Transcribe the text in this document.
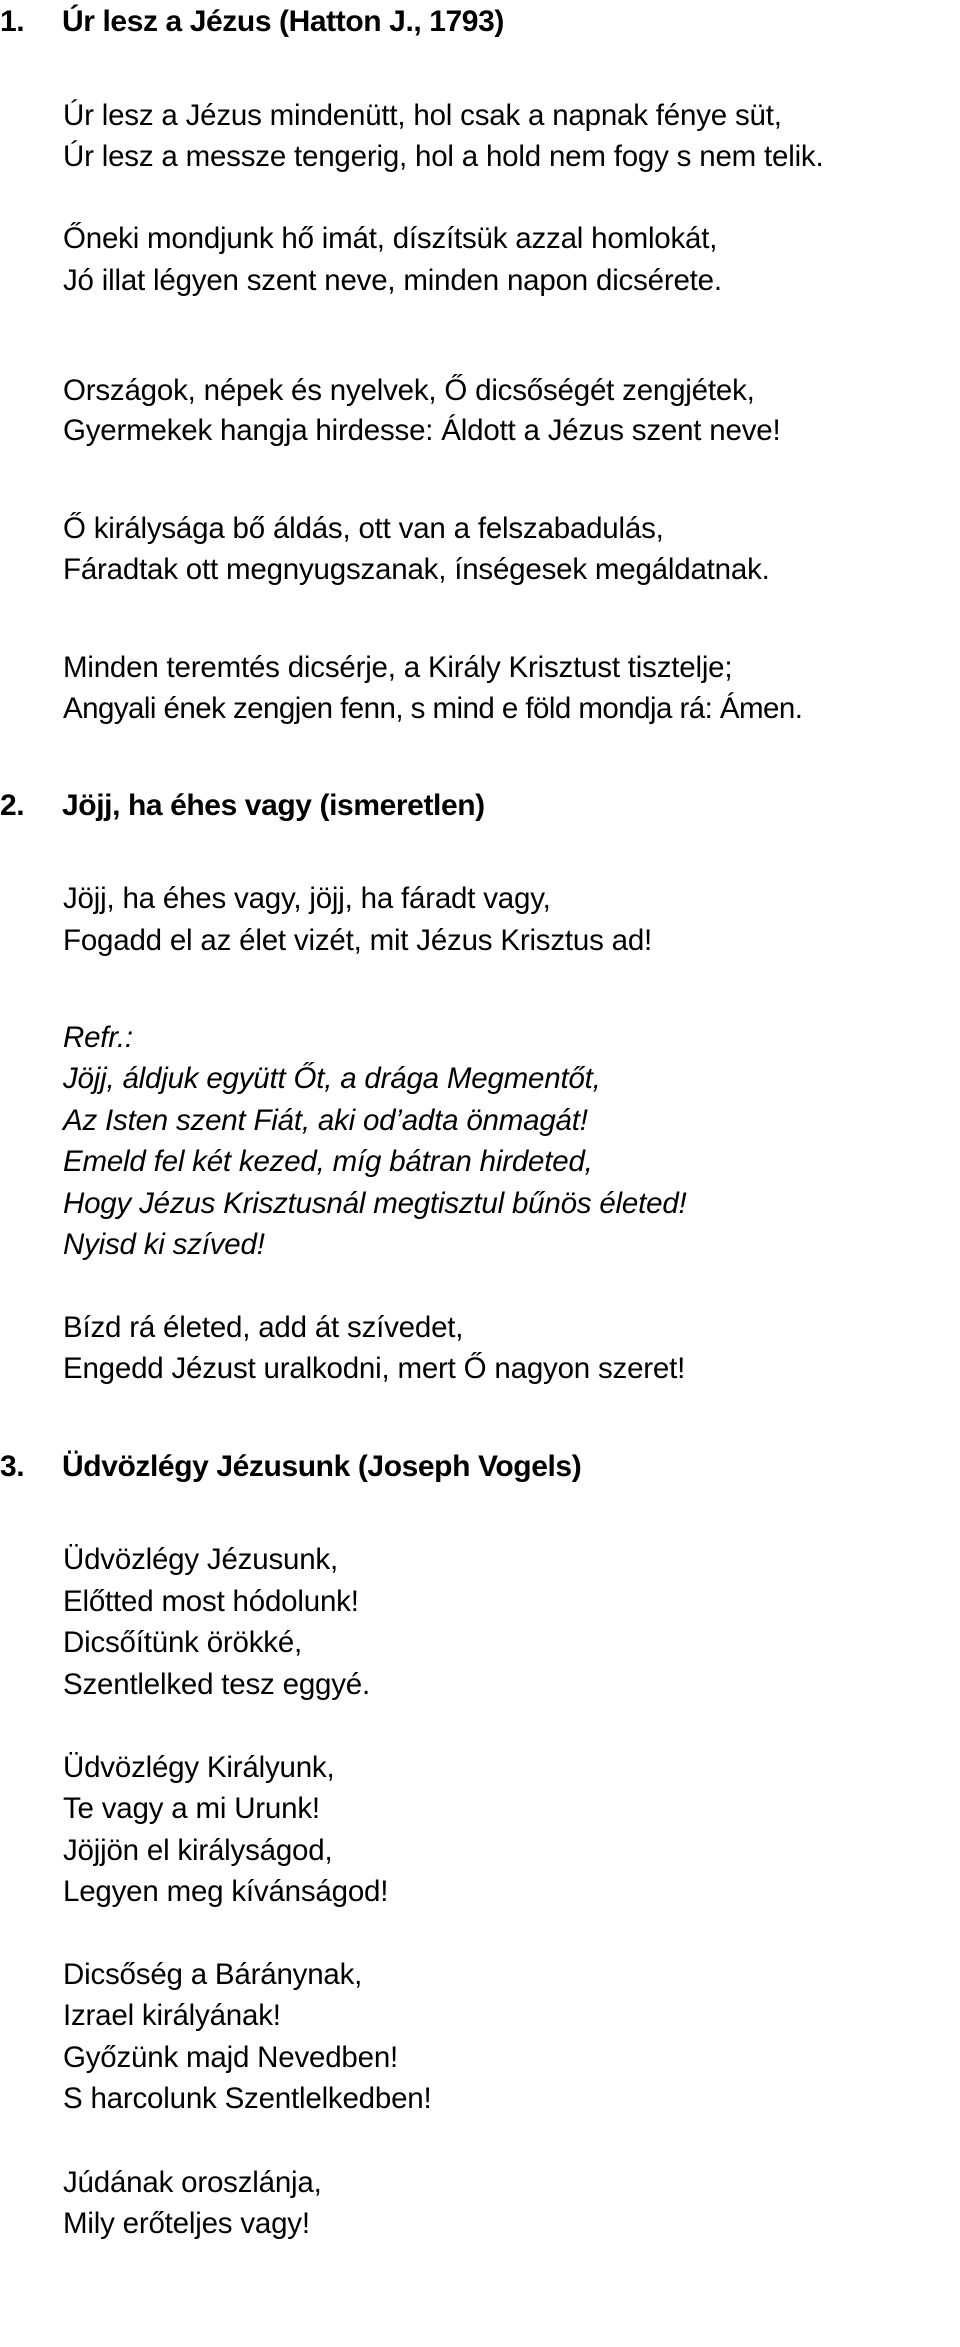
1. Úr lesz a Jézus (Hatton J., 1793)
Úr lesz a Jézus mindenütt, hol csak a napnak fénye süt,
Úr lesz a messze tengerig, hol a hold nem fogy s nem telik.
Őneki mondjunk hő imát, díszítsük azzal homlokát,
Jó illat légyen szent neve, minden napon dicsérete.
Országok, népek és nyelvek, Ő dicsőségét zengjétek,
Gyermekek hangja hirdesse: Áldott a Jézus szent neve!
Ő királysága bő áldás, ott van a felszabadulás,
Fáradtak ott megnyugszanak, ínségesek megáldatnak.
Minden teremtés dicsérje, a Király Krisztust tisztelje;
Angyali ének zengjen fenn, s mind e föld mondja rá: Ámen.
2. Jöjj, ha éhes vagy (ismeretlen)
Jöjj, ha éhes vagy, jöjj, ha fáradt vagy,
Fogadd el az élet vizét, mit Jézus Krisztus ad!
Refr.:
Jöjj, áldjuk együtt Őt, a drága Megmentőt,
Az Isten szent Fiát, aki od’adta önmagát!
Emeld fel két kezed, míg bátran hirdeted,
Hogy Jézus Krisztusnál megtisztul bűnös életed!
Nyisd ki szíved!
Bízd rá életed, add át szívedet,
Engedd Jézust uralkodni, mert Ő nagyon szeret!
3. Üdvözlégy Jézusunk (Joseph Vogels)
Üdvözlégy Jézusunk,
Előtted most hódolunk!
Dicsőítünk örökké,
Szentlelked tesz eggyé.
Üdvözlégy Királyunk,
Te vagy a mi Urunk!
Jöjjön el királyságod,
Legyen meg kívánságod!
Dicsőség a Báránynak,
Izrael királyának!
Győzünk majd Nevedben!
S harcolunk Szentlelkedben!
Júdának oroszlánja,
Mily erőteljes vagy!
